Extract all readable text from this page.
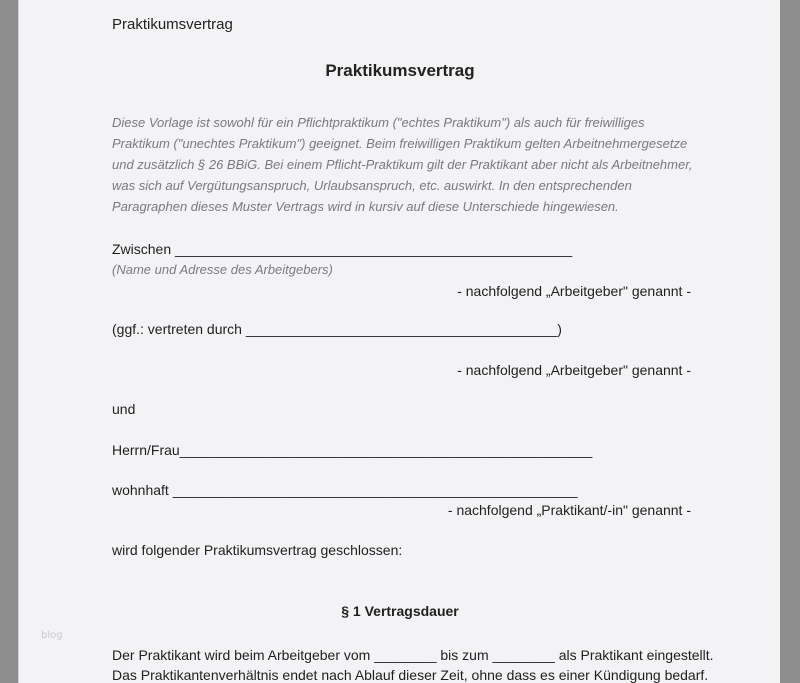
Praktikumsvertrag
Praktikumsvertrag
Diese Vorlage ist sowohl für ein Pflichtpraktikum ("echtes Praktikum") als auch für freiwilliges
Praktikum ("unechtes Praktikum") geeignet. Beim freiwilligen Praktikum gelten Arbeitnehmergesetze
und zusätzlich § 26 BBiG. Bei einem Pflicht-Praktikum gilt der Praktikant aber nicht als Arbeitnehmer,
was sich auf Vergütungsanspruch, Urlaubsanspruch, etc. auswirkt. In den entsprechenden
Paragraphen dieses Muster Vertrags wird in kursiv auf diese Unterschiede hingewiesen.
Zwischen ___________________________________________________
(Name und Adresse des Arbeitgebers)
- nachfolgend „Arbeitgeber" genannt -
(ggf.: vertreten durch ________________________________________)
- nachfolgend „Arbeitgeber" genannt -
und
Herrn/Frau_____________________________________________________
wohnhaft ____________________________________________________
- nachfolgend „Praktikant/-in" genannt -
wird folgender Praktikumsvertrag geschlossen:
§ 1 Vertragsdauer
Der Praktikant wird beim Arbeitgeber vom ________ bis zum ________ als Praktikant eingestellt.
Das Praktikantenverhältnis endet nach Ablauf dieser Zeit, ohne dass es einer Kündigung bedarf.
blog
